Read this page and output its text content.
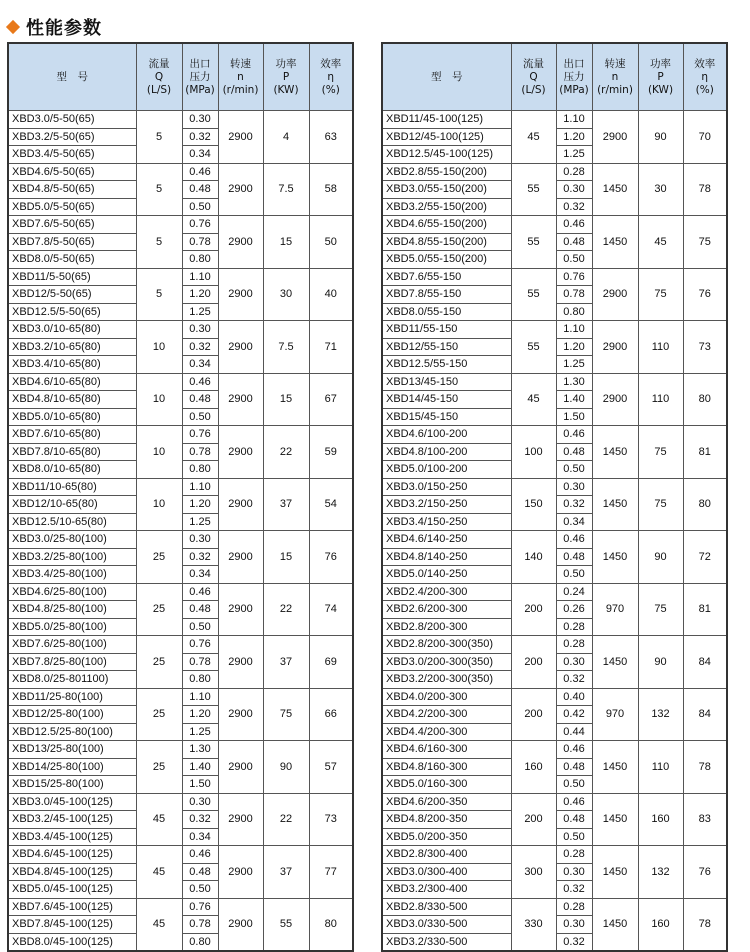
性能参数
型　号	流量
Q
(L/S)	出口
压力
(MPa)	转速
n
(r/min)	功率
P
(KW)	效率
η
(%)
XBD3.0/5-50(65)	5	0.30	2900	4	63
XBD3.2/5-50(65)		0.32			
XBD3.4/5-50(65)		0.34			
XBD4.6/5-50(65)	5	0.46	2900	7.5	58
XBD4.8/5-50(65)		0.48			
XBD5.0/5-50(65)		0.50			
XBD7.6/5-50(65)	5	0.76	2900	15	50
XBD7.8/5-50(65)		0.78			
XBD8.0/5-50(65)		0.80			
XBD11/5-50(65)	5	1.10	2900	30	40
XBD12/5-50(65)		1.20			
XBD12.5/5-50(65)		1.25			
XBD3.0/10-65(80)	10	0.30	2900	7.5	71
XBD3.2/10-65(80)		0.32			
XBD3.4/10-65(80)		0.34			
XBD4.6/10-65(80)	10	0.46	2900	15	67
XBD4.8/10-65(80)		0.48			
XBD5.0/10-65(80)		0.50			
XBD7.6/10-65(80)	10	0.76	2900	22	59
XBD7.8/10-65(80)		0.78			
XBD8.0/10-65(80)		0.80			
XBD11/10-65(80)	10	1.10	2900	37	54
XBD12/10-65(80)		1.20			
XBD12.5/10-65(80)		1.25			
XBD3.0/25-80(100)	25	0.30	2900	15	76
XBD3.2/25-80(100)		0.32			
XBD3.4/25-80(100)		0.34			
XBD4.6/25-80(100)	25	0.46	2900	22	74
XBD4.8/25-80(100)		0.48			
XBD5.0/25-80(100)		0.50			
XBD7.6/25-80(100)	25	0.76	2900	37	69
XBD7.8/25-80(100)		0.78			
XBD8.0/25-801100)		0.80			
XBD11/25-80(100)	25	1.10	2900	75	66
XBD12/25-80(100)		1.20			
XBD12.5/25-80(100)		1.25			
XBD13/25-80(100)	25	1.30	2900	90	57
XBD14/25-80(100)		1.40			
XBD15/25-80(100)		1.50			
XBD3.0/45-100(125)	45	0.30	2900	22	73
XBD3.2/45-100(125)		0.32			
XBD3.4/45-100(125)		0.34			
XBD4.6/45-100(125)	45	0.46	2900	37	77
XBD4.8/45-100(125)		0.48			
XBD5.0/45-100(125)		0.50			
XBD7.6/45-100(125)	45	0.76	2900	55	80
XBD7.8/45-100(125)		0.78			
XBD8.0/45-100(125)		0.80			
型　号	流量
Q
(L/S)	出口
压力
(MPa)	转速
n
(r/min)	功率
P
(KW)	效率
η
(%)
XBD11/45-100(125)	45	1.10	2900	90	70
XBD12/45-100(125)		1.20			
XBD12.5/45-100(125)		1.25			
XBD2.8/55-150(200)	55	0.28	1450	30	78
XBD3.0/55-150(200)		0.30			
XBD3.2/55-150(200)		0.32			
XBD4.6/55-150(200)	55	0.46	1450	45	75
XBD4.8/55-150(200)		0.48			
XBD5.0/55-150(200)		0.50			
XBD7.6/55-150	55	0.76	2900	75	76
XBD7.8/55-150		0.78			
XBD8.0/55-150		0.80			
XBD11/55-150	55	1.10	2900	110	73
XBD12/55-150		1.20			
XBD12.5/55-150		1.25			
XBD13/45-150	45	1.30	2900	110	80
XBD14/45-150		1.40			
XBD15/45-150		1.50			
XBD4.6/100-200	100	0.46	1450	75	81
XBD4.8/100-200		0.48			
XBD5.0/100-200		0.50			
XBD3.0/150-250	150	0.30	1450	75	80
XBD3.2/150-250		0.32			
XBD3.4/150-250		0.34			
XBD4.6/140-250	140	0.46	1450	90	72
XBD4.8/140-250		0.48			
XBD5.0/140-250		0.50			
XBD2.4/200-300	200	0.24	970	75	81
XBD2.6/200-300		0.26			
XBD2.8/200-300		0.28			
XBD2.8/200-300(350)	200	0.28	1450	90	84
XBD3.0/200-300(350)		0.30			
XBD3.2/200-300(350)		0.32			
XBD4.0/200-300	200	0.40	970	132	84
XBD4.2/200-300		0.42			
XBD4.4/200-300		0.44			
XBD4.6/160-300	160	0.46	1450	110	78
XBD4.8/160-300		0.48			
XBD5.0/160-300		0.50			
XBD4.6/200-350	200	0.46	1450	160	83
XBD4.8/200-350		0.48			
XBD5.0/200-350		0.50			
XBD2.8/300-400	300	0.28	1450	132	76
XBD3.0/300-400		0.30			
XBD3.2/300-400		0.32			
XBD2.8/330-500	330	0.28	1450	160	78
XBD3.0/330-500		0.30			
XBD3.2/330-500		0.32			
